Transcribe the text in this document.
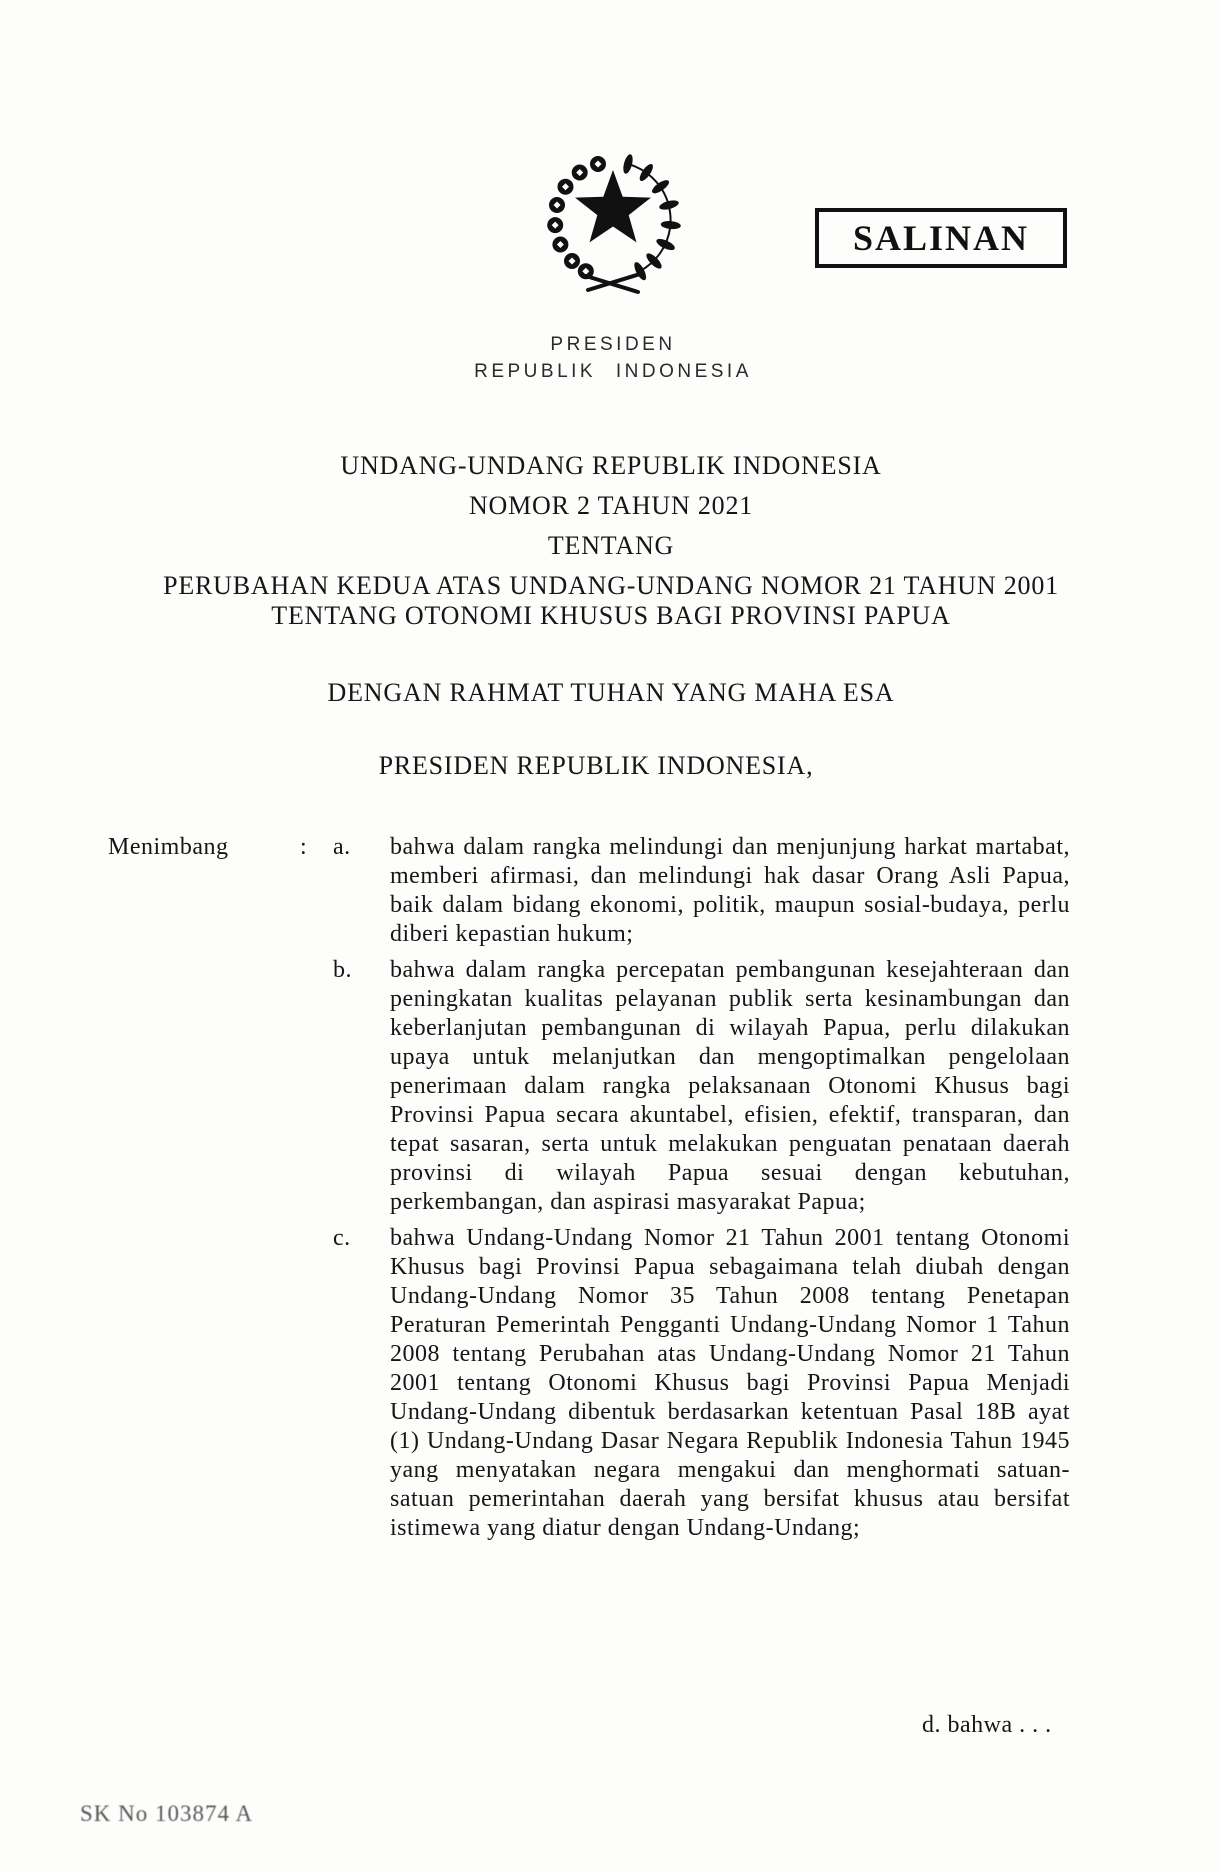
PRESIDEN
REPUBLIK INDONESIA
SALINAN
UNDANG-UNDANG REPUBLIK INDONESIA
NOMOR 2 TAHUN 2021
TENTANG
PERUBAHAN KEDUA ATAS UNDANG-UNDANG NOMOR 21 TAHUN 2001
TENTANG OTONOMI KHUSUS BAGI PROVINSI PAPUA
DENGAN RAHMAT TUHAN YANG MAHA ESA
PRESIDEN REPUBLIK INDONESIA,
Menimbang	:	a.	bahwa dalam rangka melindungi dan menjunjung harkat martabat, memberi afirmasi, dan melindungi hak dasar Orang Asli Papua, baik dalam bidang ekonomi, politik, maupun sosial-budaya, perlu diberi kepastian hukum;
b.	bahwa dalam rangka percepatan pembangunan kesejahteraan dan peningkatan kualitas pelayanan publik serta kesinambungan dan keberlanjutan pembangunan di wilayah Papua, perlu dilakukan upaya untuk melanjutkan dan mengoptimalkan pengelolaan penerimaan dalam rangka pelaksanaan Otonomi Khusus bagi Provinsi Papua secara akuntabel, efisien, efektif, transparan, dan tepat sasaran, serta untuk melakukan penguatan penataan daerah provinsi di wilayah Papua sesuai dengan kebutuhan, perkembangan, dan aspirasi masyarakat Papua;
c.	bahwa Undang-Undang Nomor 21 Tahun 2001 tentang Otonomi Khusus bagi Provinsi Papua sebagaimana telah diubah dengan Undang-Undang Nomor 35 Tahun 2008 tentang Penetapan Peraturan Pemerintah Pengganti Undang-Undang Nomor 1 Tahun 2008 tentang Perubahan atas Undang-Undang Nomor 21 Tahun 2001 tentang Otonomi Khusus bagi Provinsi Papua Menjadi Undang-Undang dibentuk berdasarkan ketentuan Pasal 18B ayat (1) Undang-Undang Dasar Negara Republik Indonesia Tahun 1945 yang menyatakan negara mengakui dan menghormati satuan-satuan pemerintahan daerah yang bersifat khusus atau bersifat istimewa yang diatur dengan Undang-Undang;
d. bahwa . . .
SK No 103874 A
